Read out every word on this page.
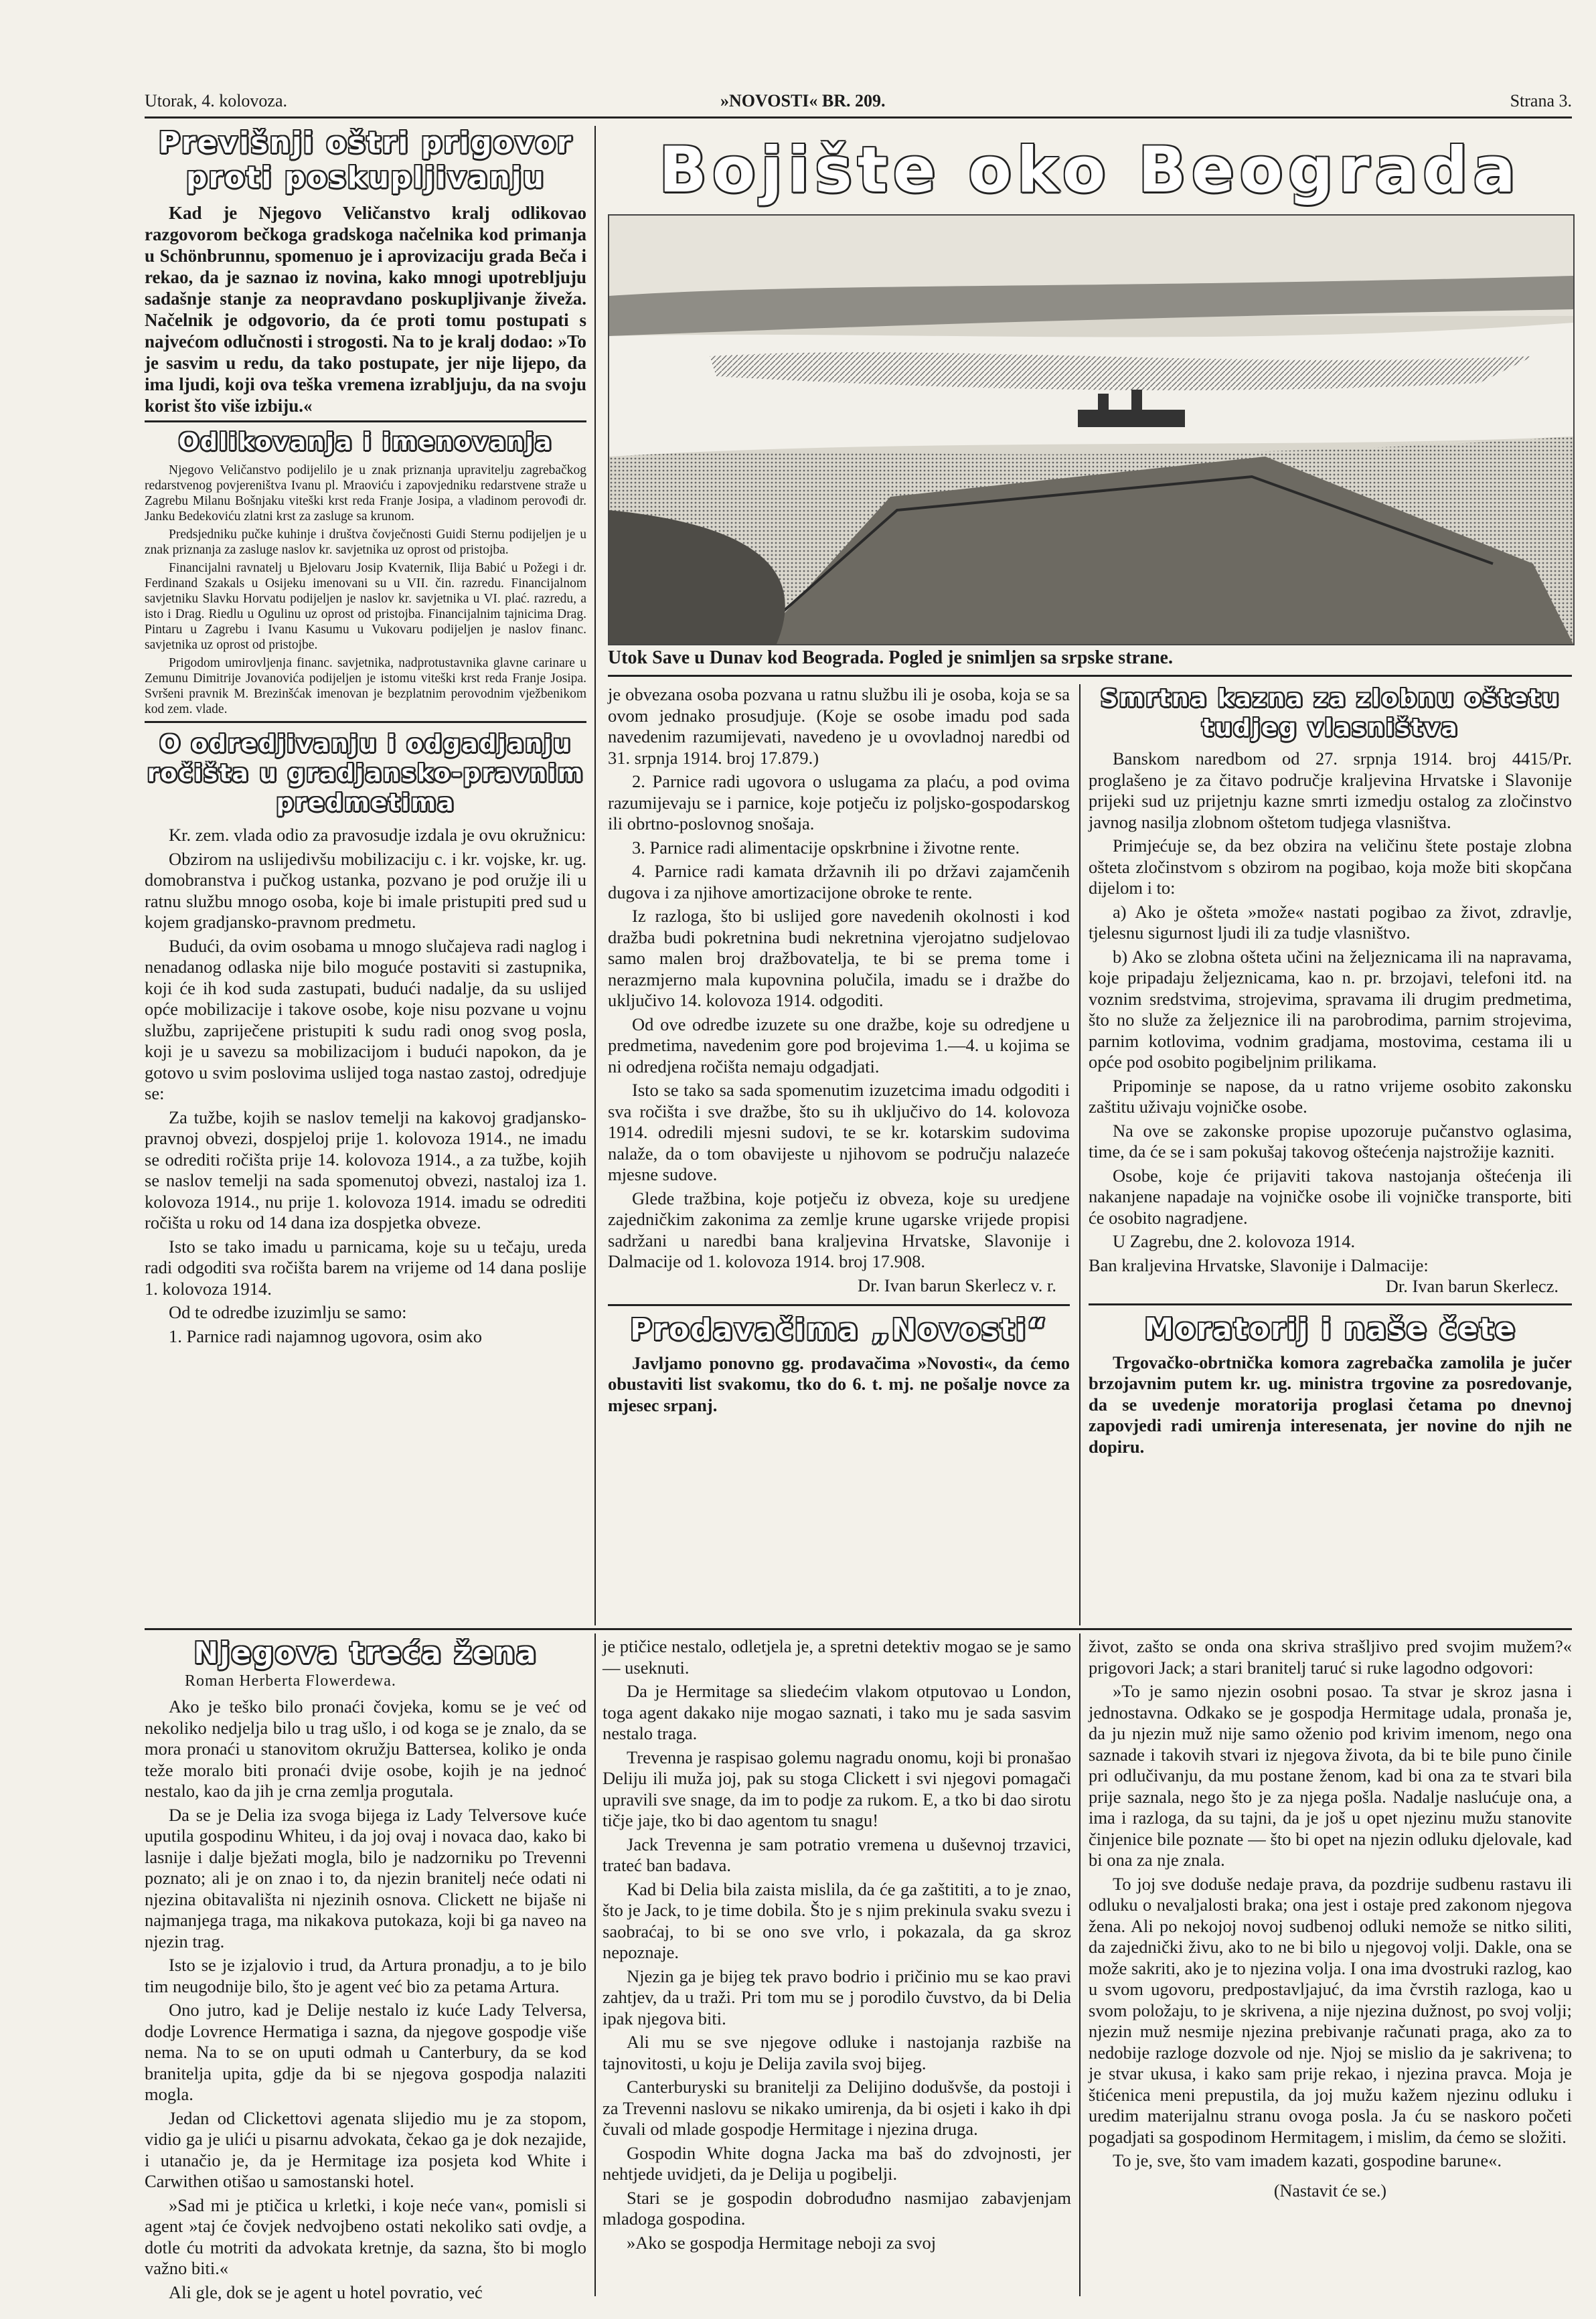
Utorak, 4. kolovoza.	»NOVOSTI« BR. 209.	Strana 3.
Previšnji oštri prigovor proti poskupljivanju

Kad je Njegovo Veličanstvo kralj odlikovao razgovorom bečkoga gradskoga načelnika kod primanja u Schönbrunnu, spomenuo je i aprovizaciju grada Beča i rekao, da je saznao iz novina, kako mnogi upotrebljuju sadašnje stanje za neopravdano poskupljivanje živeža. Načelnik je odgovorio, da će proti tomu postupati s najvećom odlučnosti i strogosti. Na to je kralj dodao: »To je sasvim u redu, da tako postupate, jer nije lijepo, da ima ljudi, koji ova teška vremena izrabljuju, da na svoju korist što više izbiju.«

Odlikovanja i imenovanja

Njegovo Veličanstvo podijelilo je u znak priznanja upravitelju zagrebačkog redarstvenog povjereništva Ivanu pl. Mraoviću i zapovjedniku redarstvene straže u Zagrebu Milanu Bošnjaku viteški krst reda Franje Josipa, a vladinom perovođi dr. Janku Bedekoviću zlatni krst za zasluge sa krunom.

Predsjedniku pučke kuhinje i društva čovječnosti Guidi Sternu podijeljen je u znak priznanja za zasluge naslov kr. savjetnika uz oprost od pristojba.

Financijalni ravnatelj u Bjelovaru Josip Kvaternik, Ilija Babić u Požegi i dr. Ferdinand Szakals u Osijeku imenovani su u VII. čin. razredu. Financijalnom savjetniku Slavku Horvatu podijeljen je naslov kr. savjetnika u VI. plać. razredu, a isto i Drag. Riedlu u Ogulinu uz oprost od pristojba. Financijalnim tajnicima Drag. Pintaru u Zagrebu i Ivanu Kasumu u Vukovaru podijeljen je naslov financ. savjetnika uz oprost od pristojbe.

Prigodom umirovljenja financ. savjetnika, nadprotustavnika glavne carinare u Zemunu Dimitrije Jovanovića podijeljen je istomu viteški krst reda Franje Josipa. Svršeni pravnik M. Brezinšćak imenovan je bezplatnim perovodnim vježbenikom kod zem. vlade.

O odredjivanju i odgadjanju ročišta u gradjansko-pravnim predmetima

Kr. zem. vlada odio za pravosudje izdala je ovu okružnicu:

Obzirom na uslijedivšu mobilizaciju c. i kr. vojske, kr. ug. domobranstva i pučkog ustanka, pozvano je pod oružje ili u ratnu službu mnogo osoba, koje bi imale pristupiti pred sud u kojem gradjansko-pravnom predmetu.

Budući, da ovim osobama u mnogo slučajeva radi naglog i nenadanog odlaska nije bilo moguće postaviti si zastupnika, koji će ih kod suda zastupati, budući nadalje, da su uslijed opće mobilizacije i takove osobe, koje nisu pozvane u vojnu službu, zapriječene pristupiti k sudu radi onog svog posla, koji je u savezu sa mobilizacijom i budući napokon, da je gotovo u svim poslovima uslijed toga nastao zastoj, odredjuje se:

Za tužbe, kojih se naslov temelji na kakovoj gradjansko-pravnoj obvezi, dospjeloj prije 1. kolovoza 1914., ne imadu se odrediti ročišta prije 14. kolovoza 1914., a za tužbe, kojih se naslov temelji na sada spomenutoj obvezi, nastaloj iza 1. kolovoza 1914., nu prije 1. kolovoza 1914. imadu se odrediti ročišta u roku od 14 dana iza dospjetka obveze.

Isto se tako imadu u parnicama, koje su u tečaju, ureda radi odgoditi sva ročišta barem na vrijeme od 14 dana poslije 1. kolovoza 1914.

Od te odredbe izuzimlju se samo:

1. Parnice radi najamnog ugovora, osim ako

Bojište oko Beograda
Utok Save u Dunav kod Beograda. Pogled je snimljen sa srpske strane.

je obvezana osoba pozvana u ratnu službu ili je osoba, koja se sa ovom jednako prosudjuje. (Koje se osobe imadu pod sada navedenim razumijevati, navedeno je u ovovladnoj naredbi od 31. srpnja 1914. broj 17.879.)

2. Parnice radi ugovora o uslugama za plaću, a pod ovima razumijevaju se i parnice, koje potječu iz poljsko-gospodarskog ili obrtno-poslovnog snošaja.

3. Parnice radi alimentacije opskrbnine i životne rente.

4. Parnice radi kamata državnih ili po državi zajamčenih dugova i za njihove amortizacijone obroke te rente.

Iz razloga, što bi uslijed gore navedenih okolnosti i kod dražba budi pokretnina budi nekretnina vjerojatno sudjelovao samo malen broj dražbovatelja, te bi se prema tome i nerazmjerno mala kupovnina polučila, imadu se i dražbe do uključivo 14. kolovoza 1914. odgoditi.

Od ove odredbe izuzete su one dražbe, koje su odredjene u predmetima, navedenim gore pod brojevima 1.—4. u kojima se ni odredjena ročišta nemaju odgadjati.

Isto se tako sa sada spomenutim izuzetcima imadu odgoditi i sva ročišta i sve dražbe, što su ih uključivo do 14. kolovoza 1914. odredili mjesni sudovi, te se kr. kotarskim sudovima nalaže, da o tom obavijeste u njihovom se području nalazeće mjesne sudove.

Glede tražbina, koje potječu iz obveza, koje su uredjene zajedničkim zakonima za zemlje krune ugarske vrijede propisi sadržani u naredbi bana kraljevina Hrvatske, Slavonije i Dalmacije od 1. kolovoza 1914. broj 17.908.

Dr. Ivan barun Skerlecz v. r.
Prodavačima „Novosti“

Javljamo ponovno gg. prodavačima »Novosti«, da ćemo obustaviti list svakomu, tko do 6. t. mj. ne pošalje novce za mjesec srpanj.

Smrtna kazna za zlobnu oštetu tudjeg vlasništva

Banskom naredbom od 27. srpnja 1914. broj 4415/Pr. proglašeno je za čitavo područje kraljevina Hrvatske i Slavonije prijeki sud uz prijetnju kazne smrti izmedju ostalog za zločinstvo javnog nasilja zlobnom oštetom tudjega vlasništva.

Primjećuje se, da bez obzira na veličinu štete postaje zlobna ošteta zločinstvom s obzirom na pogibao, koja može biti skopčana dijelom i to:

a) Ako je ošteta »može« nastati pogibao za život, zdravlje, tjelesnu sigurnost ljudi ili za tudje vlasništvo.

b) Ako se zlobna ošteta učini na željeznicama ili na napravama, koje pripadaju željeznicama, kao n. pr. brzojavi, telefoni itd. na voznim sredstvima, strojevima, spravama ili drugim predmetima, što no služe za željeznice ili na parobrodima, parnim strojevima, parnim kotlovima, vodnim gradjama, mostovima, cestama ili u opće pod osobito pogibeljnim prilikama.

Pripominje se napose, da u ratno vrijeme osobito zakonsku zaštitu uživaju vojničke osobe.

Na ove se zakonske propise upozoruje pučanstvo oglasima, time, da će se i sam pokušaj takovog oštećenja najstrožije kazniti.

Osobe, koje će prijaviti takova nastojanja oštećenja ili nakanjene napadaje na vojničke osobe ili vojničke transporte, biti će osobito nagradjene.

U Zagrebu, dne 2. kolovoza 1914.

Ban kraljevina Hrvatske, Slavonije i Dalmacije:
Dr. Ivan barun Skerlecz.
Moratorij i naše čete

Trgovačko-obrtnička komora zagrebačka zamolila je jučer brzojavnim putem kr. ug. ministra trgovine za posredovanje, da se uvedenje moratorija proglasi četama po dnevnoj zapovjedi radi umirenja interesenata, jer novine do njih ne dopiru.

Njegova treća žena
Roman Herberta Flowerdewa.

Ako je teško bilo pronaći čovjeka, komu se je već od nekoliko nedjelja bilo u trag ušlo, i od koga se je znalo, da se mora pronaći u stanovitom okružju Battersea, koliko je onda teže moralo biti pronaći dvije osobe, kojih je na jednoć nestalo, kao da jih je crna zemlja progutala.

Da se je Delia iza svoga bijega iz Lady Telversove kuće uputila gospodinu Whiteu, i da joj ovaj i novaca dao, kako bi lasnije i dalje bježati mogla, bilo je nadzorniku po Trevenni poznato; ali je on znao i to, da njezin branitelj neće odati ni njezina obitavališta ni njezinih osnova. Clickett ne bijaše ni najmanjega traga, ma nikakova putokaza, koji bi ga naveo na njezin trag.

Isto se je izjalovio i trud, da Artura pronadju, a to je bilo tim neugodnije bilo, što je agent već bio za petama Artura.

Ono jutro, kad je Delije nestalo iz kuće Lady Telversa, dodje Lovrence Hermatiga i sazna, da njegove gospodje više nema. Na to se on uputi odmah u Canterbury, da se kod branitelja upita, gdje da bi se njegova gospodja nalaziti mogla.

Jedan od Clickettovi agenata slijedio mu je za stopom, vidio ga je ulići u pisarnu advokata, čekao ga je dok nezajide, i utanačio je, da je Hermitage iza posjeta kod White i Carwithen otišao u samostanski hotel.

»Sad mi je ptičica u krletki, i koje neće van«, pomisli si agent »taj će čovjek nedvojbeno ostati nekoliko sati ovdje, a dotle ću motriti da advokata kretnje, da sazna, što bi moglo važno biti.«

Ali gle, dok se je agent u hotel povratio, već

je ptičice nestalo, odletjela je, a spretni detektiv mogao se je samo — useknuti.

Da je Hermitage sa sliedećim vlakom otputovao u London, toga agent dakako nije mogao saznati, i tako mu je sada sasvim nestalo traga.

Trevenna je raspisao golemu nagradu onomu, koji bi pronašao Deliju ili muža joj, pak su stoga Clickett i svi njegovi pomagači upravili sve snage, da im to podje za rukom. E, a tko bi dao sirotu tičje jaje, tko bi dao agentom tu snagu!

Jack Trevenna je sam potratio vremena u duševnoj trzavici, trateć ban badava.

Kad bi Delia bila zaista mislila, da će ga zaštititi, a to je znao, što je Jack, to je time dobila. Što je s njim prekinula svaku svezu i saobraćaj, to bi se ono sve vrlo, i pokazala, da ga skroz nepoznaje.

Njezin ga je bijeg tek pravo bodrio i pričinio mu se kao pravi zahtjev, da u traži. Pri tom mu se j porodilo čuvstvo, da bi Delia ipak njegova biti.

Ali mu se sve njegove odluke i nastojanja razbiše na tajnovitosti, u koju je Delija zavila svoj bijeg.

Canterburyski su branitelji za Delijino dodušvše, da postoji i za Trevenni naslovu se nikako umirenja, da bi osjeti i kako ih dpi čuvali od mlade gospodje Hermitage i njezina druga.

Gospodin White dogna Jacka ma baš do zdvojnosti, jer nehtjede uvidjeti, da je Delija u pogibelji.

Stari se je gospodin dobroduđno nasmijao zabavjenjam mladoga gospodina.

»Ako se gospodja Hermitage neboji za svoj

život, zašto se onda ona skriva strašljivo pred svojim mužem?« prigovori Jack; a stari branitelj taruć si ruke lagodno odgovori:

»To je samo njezin osobni posao. Ta stvar je skroz jasna i jednostavna. Odkako se je gospodja Hermitage udala, pronaša je, da ju njezin muž nije samo oženio pod krivim imenom, nego ona saznade i takovih stvari iz njegova života, da bi te bile puno činile pri odlučivanju, da mu postane ženom, kad bi ona za te stvari bila prije saznala, nego što je za njega pošla. Nadalje naslućuje ona, a ima i razloga, da su tajni, da je još u opet njezinu mužu stanovite činjenice bile poznate — što bi opet na njezin odluku djelovale, kad bi ona za nje znala.

To joj sve doduše nedaje prava, da pozdrije sudbenu rastavu ili odluku o nevaljalosti braka; ona jest i ostaje pred zakonom njegova žena. Ali po nekojoj novoj sudbenoj odluki nemože se nitko siliti, da zajednički živu, ako to ne bi bilo u njegovoj volji. Dakle, ona se može sakriti, ako je to njezina volja. I ona ima dvostruki razlog, kao u svom ugovoru, predpostavljajuć, da ima čvrstih razloga, kao u svom položaju, to je skrivena, a nije njezina dužnost, po svoj volji; njezin muž nesmije njezina prebivanje računati praga, ako za to nedobije razloge dozvole od nje. Njoj se mislio da je sakrivena; to je stvar ukusa, i kako sam prije rekao, i njezina pravca. Moja je štićenica meni prepustila, da joj mužu kažem njezinu odluku i uredim materijalnu stranu ovoga posla. Ja ću se naskoro početi pogadjati sa gospodinom Hermitagem, i mislim, da ćemo se složiti.

To je, sve, što vam imadem kazati, gospodine barune«.

(Nastavit će se.)
